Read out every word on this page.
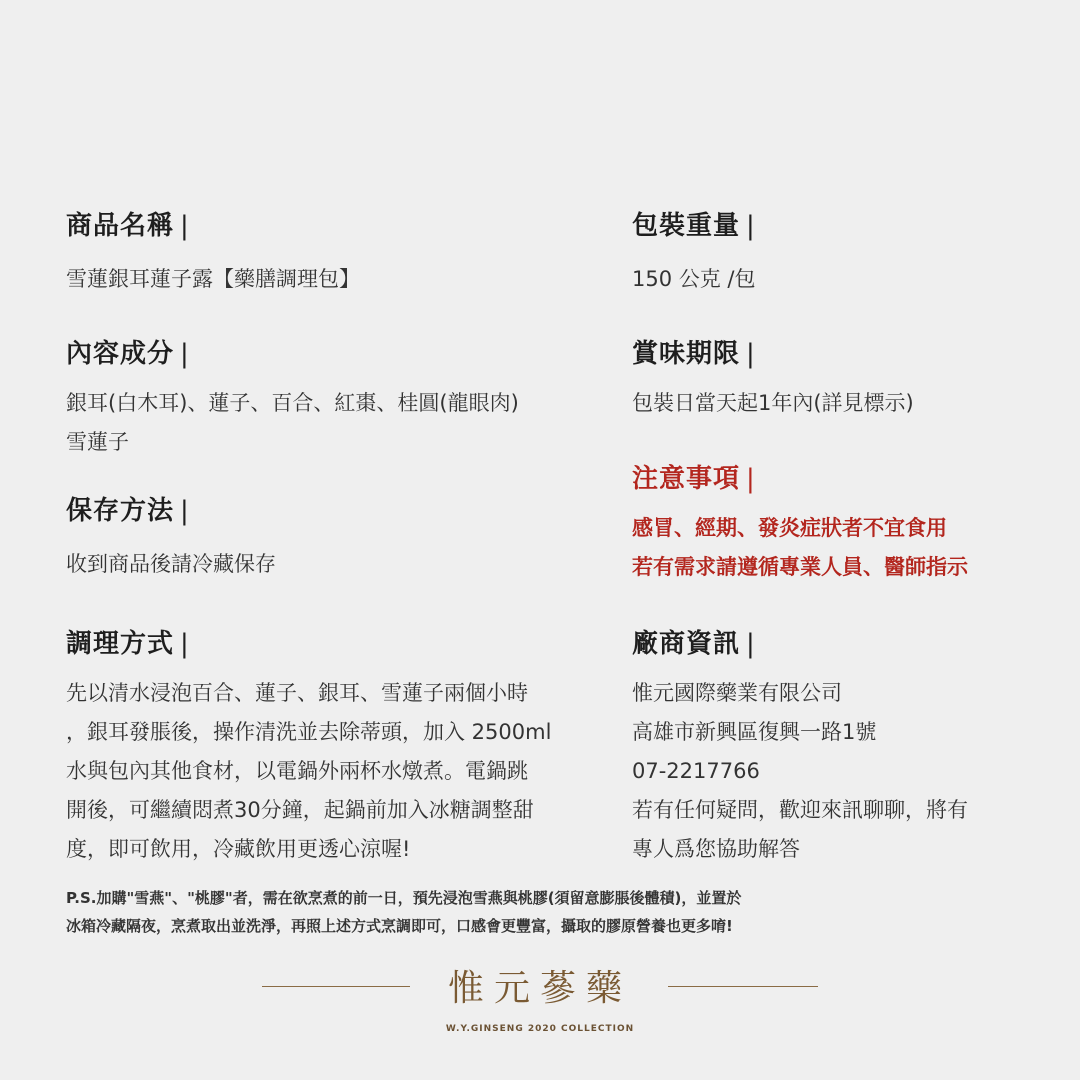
商品名稱 |

雪蓮銀耳蓮子露【藥膳調理包】

內容成分 |

銀耳(白木耳)、蓮子、百合、紅棗、桂圓(龍眼肉)

雪蓮子

保存方法 |

收到商品後請冷藏保存

調理方式 |

先以清水浸泡百合、蓮子、銀耳、雪蓮子兩個小時

，銀耳發脹後，操作清洗並去除蒂頭，加入 2500ml

水與包內其他食材，以電鍋外兩杯水燉煮。電鍋跳

開後，可繼續悶煮30分鐘，起鍋前加入冰糖調整甜

度，即可飲用，冷藏飲用更透心涼喔!

包裝重量 |

150 公克 /包

賞味期限 |

包裝日當天起1年內(詳見標示)

注意事項 |

感冒、經期、發炎症狀者不宜食用

若有需求請遵循專業人員、醫師指示

廠商資訊 |

惟元國際藥業有限公司

高雄市新興區復興一路1號

07-2217766

若有任何疑問，歡迎來訊聊聊，將有

專人爲您協助解答

P.S.加購"雪燕"、"桃膠"者，需在欲烹煮的前一日，預先浸泡雪燕與桃膠(須留意膨脹後體積)，並置於
冰箱冷藏隔夜，烹煮取出並洗淨，再照上述方式烹調即可，口感會更豐富，攝取的膠原營養也更多唷!
惟元蔘藥
W.Y.GINSENG 2020 COLLECTION
